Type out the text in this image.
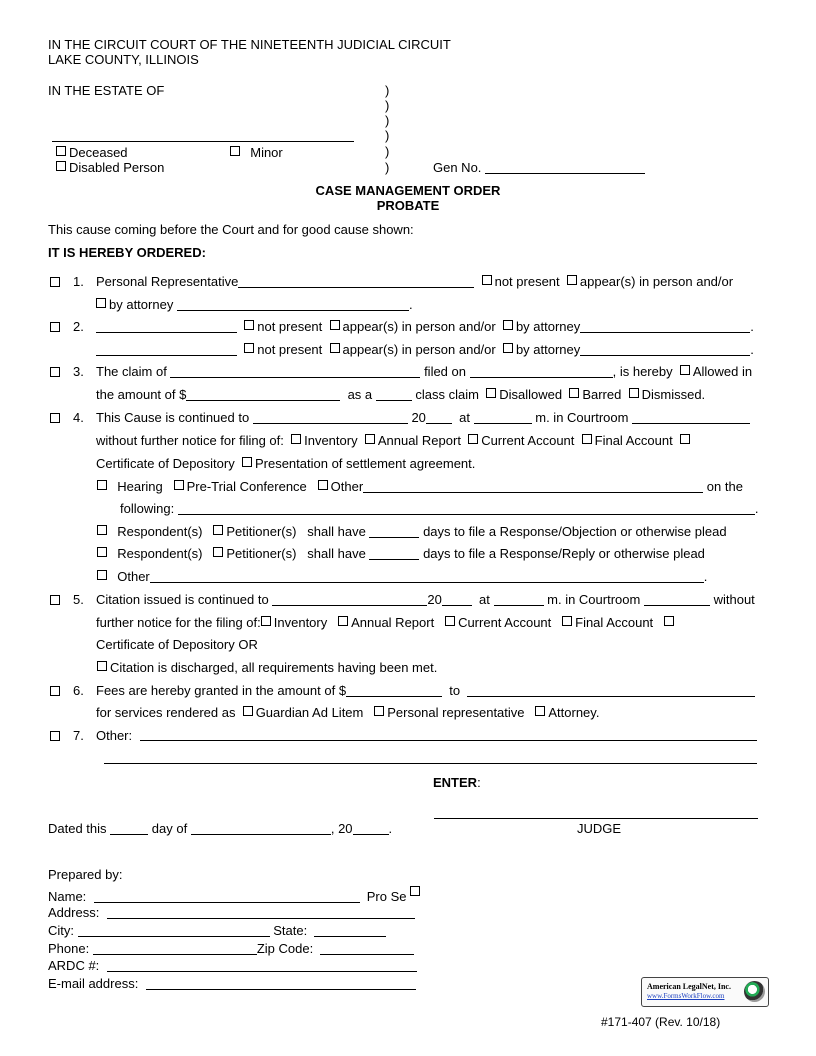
IN THE CIRCUIT COURT OF THE NINETEENTH JUDICIAL CIRCUIT
LAKE COUNTY, ILLINOIS
IN THE ESTATE OF	)
)
)
)
)
)
Deceased	Minor
Disabled Person	Gen No.
CASE MANAGEMENT ORDER
PROBATE
This cause coming before the Court and for good cause shown:
IT IS HEREBY ORDERED:
1. Personal Representative	not present appear(s) in person and/or
by attorney	.
2.	not present appear(s) in person and/or by attorney	.
not present appear(s) in person and/or by attorney	.
3. The claim of	filed on	, is hereby Allowed in
the amount of $	as a	class claim Disallowed Barred Dismissed.
4. This Cause is continued to	20	at	m. in Courtroom
without further notice for filing of: Inventory Annual Report Current Account Final Account
Certificate of Depository Presentation of settlement agreement.
Hearing Pre-Trial Conference Other	on the
following:	.
Respondent(s) Petitioner(s) shall have	days to file a Response/Objection or otherwise plead
Respondent(s) Petitioner(s) shall have	days to file a Response/Reply or otherwise plead
Other	.
5. Citation issued is continued to	20	at	m. in Courtroom	without
further notice for the filing of: Inventory Annual Report Current Account Final Account
Certificate of Depository OR
Citation is discharged, all requirements having been met.
6. Fees are hereby granted in the amount of $	to
for services rendered as Guardian Ad Litem Personal representative Attorney.
7. Other:
ENTER:
JUDGE
Dated this	day of	, 20	.
Prepared by:
Name:	Pro Se
Address:
City:	State:
Phone:	Zip Code:
ARDC #:
E-mail address:	American LegalNet, Inc.
www.FormsWorkFlow.com
#171-407 (Rev. 10/18)
